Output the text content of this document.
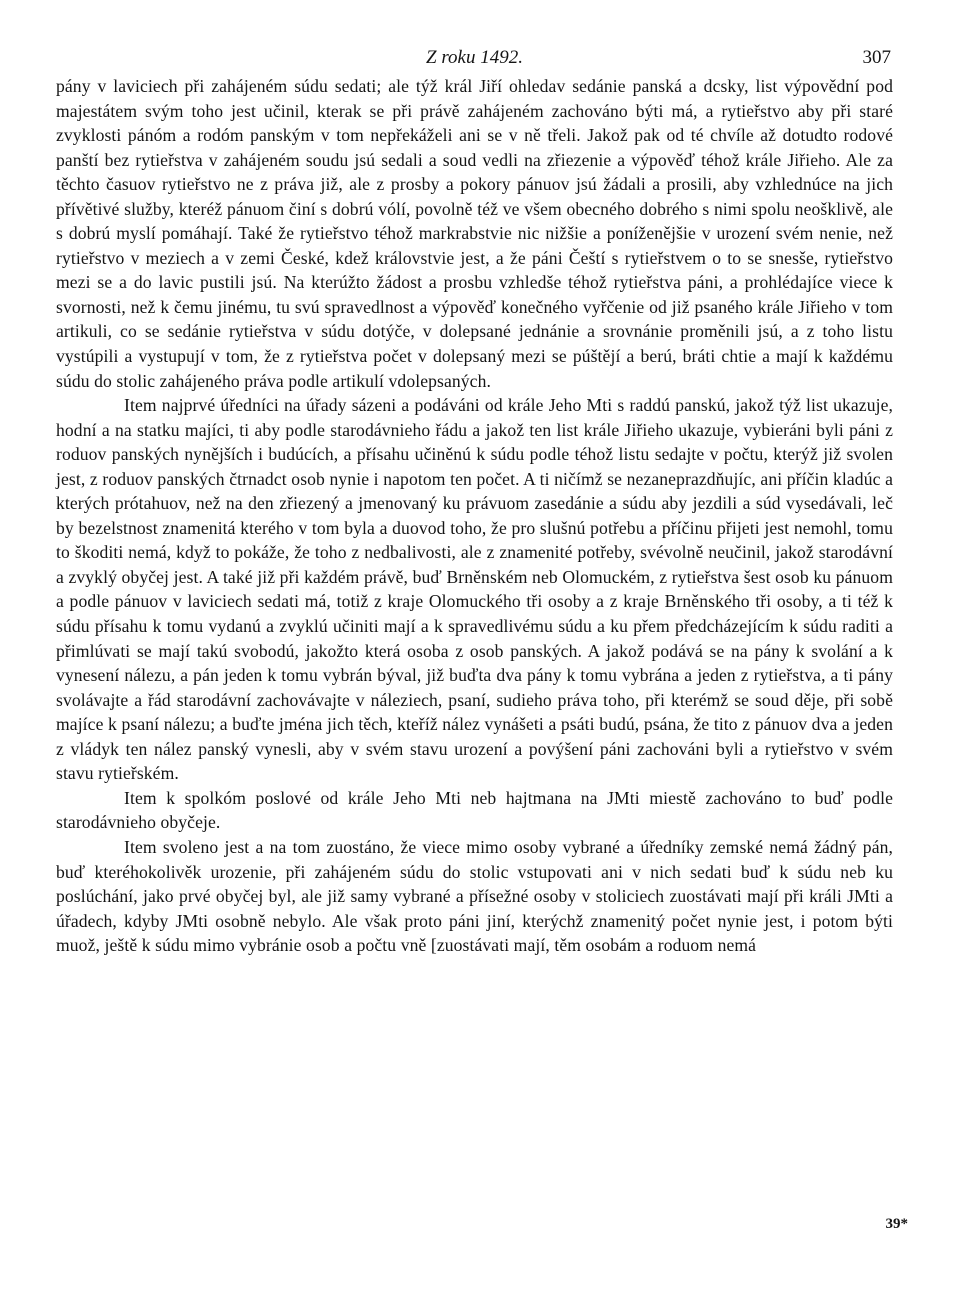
Z roku 1492.	307

pány v laviciech při zahájeném súdu sedati; ale týž král Jiří ohledav sedánie panská a dcsky, list výpovědní pod majestátem svým toho jest učinil, kterak se při právě zahájeném zachováno býti má, a rytieřstvo aby při staré zvyklosti pánóm a rodóm panským v tom nepřekáželi ani se v ně třeli. Jakož pak od té chvíle až dotudto rodové panští bez rytieřstva v zahájeném soudu jsú sedali a soud vedli na zřiezenie a výpověď téhož krále Jiřieho. Ale za těchto časuov rytieřstvo ne z práva již, ale z prosby a pokory pánuov jsú žádali a prosili, aby vzhlednúce na jich přívětivé služby, kteréž pánuom činí s dobrú vólí, povolně též ve všem obecného dobrého s nimi spolu neošklivě, ale s dobrú myslí pomáhají. Také že rytieřstvo téhož markrabstvie nic nižšie a poníženějšie v urození svém nenie, než rytieřstvo v meziech a v zemi České, kdež královstvie jest, a že páni Čeští s rytieřstvem o to se snesše, rytieřstvo mezi se a do lavic pustili jsú. Na kterúžto žádost a prosbu vzhledše téhož rytieřstva páni, a prohlédajíce viece k svornosti, než k čemu jinému, tu svú spravedlnost a výpověď konečného vyřčenie od již psaného krále Jiřieho v tom artikuli, co se sedánie rytieřstva v súdu dotýče, v dolepsané jednánie a srovnánie proměnili jsú, a z toho listu vystúpili a vystupují v tom, že z rytieřstva počet v dolepsaný mezi se púštějí a berú, bráti chtie a mají k každému súdu do stolic zahájeného práva podle artikulí vdolepsaných.

Item najprvé úředníci na úřady sázeni a podáváni od krále Jeho Mti s raddú panskú, jakož týž list ukazuje, hodní a na statku majíci, ti aby podle starodávnieho řádu a jakož ten list krále Jiřieho ukazuje, vybieráni byli páni z roduov panských nynějších i budúcích, a přísahu učiněnú k súdu podle téhož listu sedajte v počtu, kterýž již svolen jest, z roduov panských čtrnadct osob nynie i napotom ten počet. A ti ničímž se nezaneprazdňujíc, ani příčin kladúc a kterých prótahuov, než na den zřiezený a jmenovaný ku právuom zasedánie a súdu aby jezdili a súd vysedávali, leč by bezelstnost znamenitá kterého v tom byla a duovod toho, že pro slušnú potřebu a příčinu přijeti jest nemohl, tomu to škoditi nemá, když to pokáže, že toho z nedbalivosti, ale z znamenité potřeby, svévolně neučinil, jakož starodávní a zvyklý obyčej jest. A také již při každém právě, buď Brněnském neb Olomuckém, z rytieřstva šest osob ku pánuom a podle pánuov v laviciech sedati má, totiž z kraje Olomuckého tři osoby a z kraje Brněnského tři osoby, a ti též k súdu přísahu k tomu vydanú a zvyklú učiniti mají a k spravedlivému súdu a ku přem předcházejícím k súdu raditi a přimlúvati se mají takú svobodú, jakožto která osoba z osob panských. A jakož podává se na pány k svolání a k vynesení nálezu, a pán jeden k tomu vybrán býval, již buďta dva pány k tomu vybrána a jeden z rytieřstva, a ti pány svolávajte a řád starodávní zachovávajte v náleziech, psaní, sudieho práva toho, při kterémž se soud děje, při sobě majíce k psaní nálezu; a buďte jména jich těch, kteříž nález vynášeti a psáti budú, psána, že tito z pánuov dva a jeden z vládyk ten nález panský vynesli, aby v svém stavu urození a povýšení páni zachováni byli a rytieřstvo v svém stavu rytieřském.

Item k spolkóm poslové od krále Jeho Mti neb hajtmana na JMti miestě zachováno to buď podle starodávnieho obyčeje.

Item svoleno jest a na tom zuostáno, že viece mimo osoby vybrané a úředníky zemské nemá žádný pán, buď kteréhokolivěk urozenie, při zahájeném súdu do stolic vstupovati ani v nich sedati buď k súdu neb ku poslúchání, jako prvé obyčej byl, ale již samy vybrané a přísežné osoby v stoliciech zuostávati mají při králi JMti a úřadech, kdyby JMti osobně nebylo. Ale však proto páni jiní, kterýchž znamenitý počet nynie jest, i potom býti muož, ještě k súdu mimo vybránie osob a počtu vně [zuostávati mají, těm osobám a roduom nemá

39*
